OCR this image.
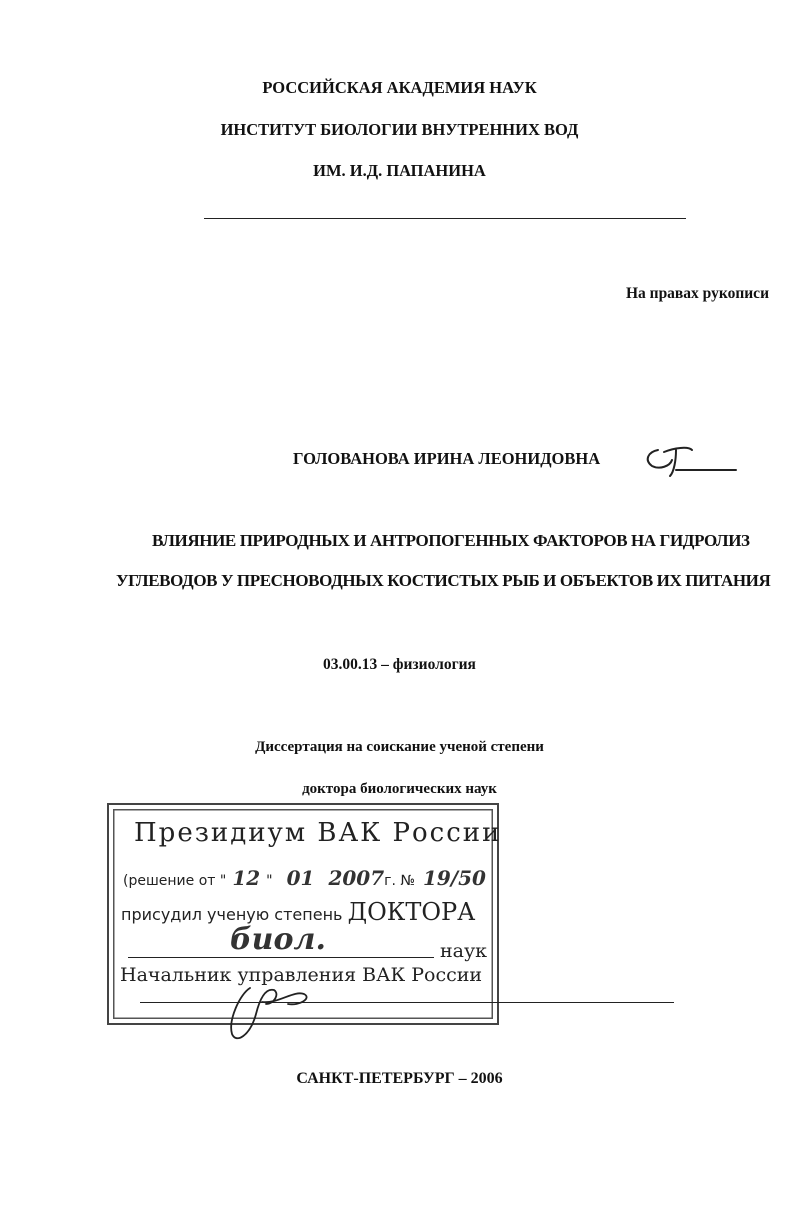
РОССИЙСКАЯ АКАДЕМИЯ НАУК
ИНСТИТУТ БИОЛОГИИ ВНУТРЕННИХ ВОД
ИМ. И.Д. ПАПАНИНА
На правах рукописи
ГОЛОВАНОВА ИРИНА ЛЕОНИДОВНА
ВЛИЯНИЕ ПРИРОДНЫХ И АНТРОПОГЕННЫХ ФАКТОРОВ НА ГИДРОЛИЗ
УГЛЕВОДОВ У ПРЕСНОВОДНЫХ КОСТИСТЫХ РЫБ И ОБЪЕКТОВ ИХ ПИТАНИЯ
03.00.13 – физиология
Диссертация на соискание ученой степени
доктора биологических наук
Президиум ВАК России
(решение от " 12 " 01 2007г. № 19/50
присудил ученую степень ДОКТОРА
биол.	наук
Начальник управления ВАК России
САНКТ-ПЕТЕРБУРГ – 2006
